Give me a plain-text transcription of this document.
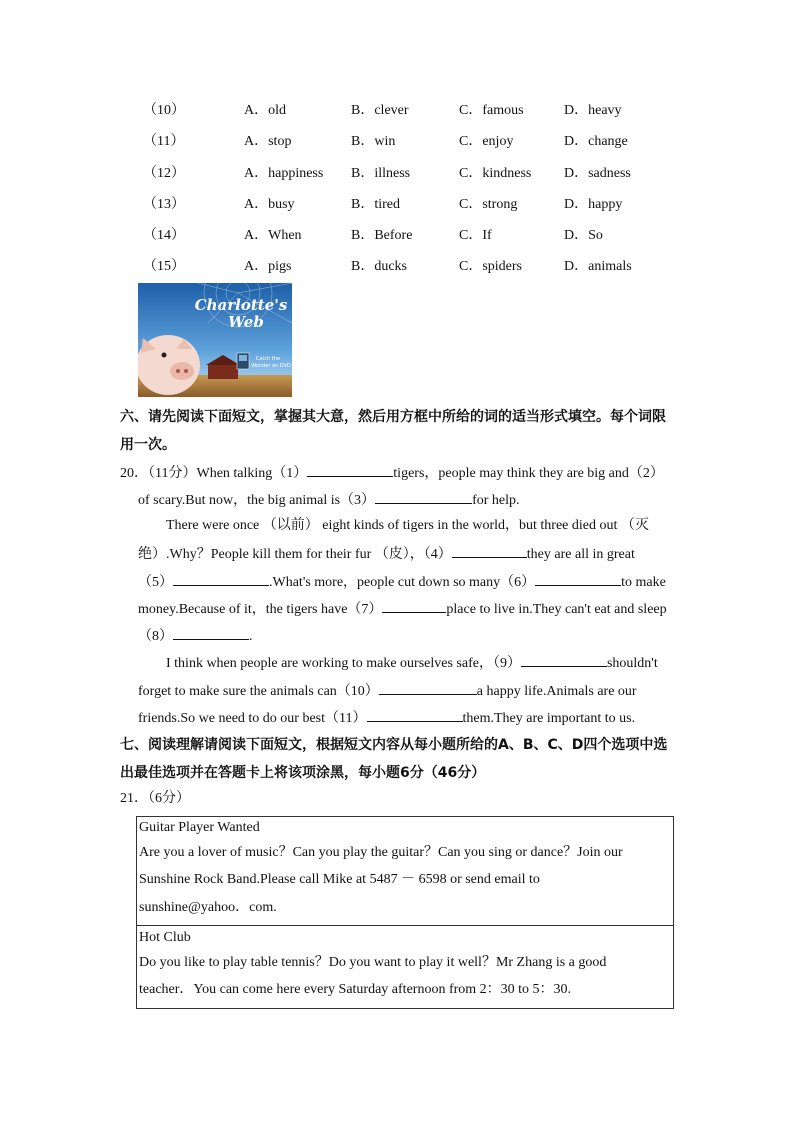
（10）	A．old	B．clever	C．famous	D．heavy
（11）	A．stop	B．win	C．enjoy	D．change
（12）	A．happiness B．illness	C．kindness D．sadness
（13）	A．busy	B．tired	C．strong	D．happy
（14）	A．When	B．Before	C．If	D．So
（15）	A．pigs	B．ducks	C．spiders	D．animals
Charlotte's
Web
Catch the
Wonder on DVD
六、请先阅读下面短文，掌握其大意，然后用方框中所给的词的适当形式填空。每个词限
用一次。
20．（11分）When talking（1）	tigers，people may think they are big and（2）
of scary.But now，the big animal is（3）	for help.
There were once （以前） eight kinds of tigers in the world，but three died out （灭
绝）.Why？People kill them for their fur （皮），（4）	they are all in great
（5）	.What's more，people cut down so many（6）	to make
money.Because of it，the tigers have（7）	place to live in.They can't eat and sleep
（8）	.
I think when people are working to make ourselves safe，（9）	shouldn't
forget to make sure the animals can（10）	a happy life.Animals are our
friends.So we need to do our best（11）	them.They are important to us.
七、阅读理解请阅读下面短文，根据短文内容从每小题所给的A、B、C、D四个选项中选
出最佳选项并在答题卡上将该项涂黑，每小题6分（46分）
21．（6分）
Guitar Player Wanted
Are you a lover of music？Can you play the guitar？Can you sing or dance？Join our
Sunshine Rock Band.Please call Mike at 5487 － 6598 or send email to
sunshine@yahoo．com.
Hot Club
Do you like to play table tennis？Do you want to play it well？Mr Zhang is a good
teacher．You can come here every Saturday afternoon from 2：30 to 5：30.
